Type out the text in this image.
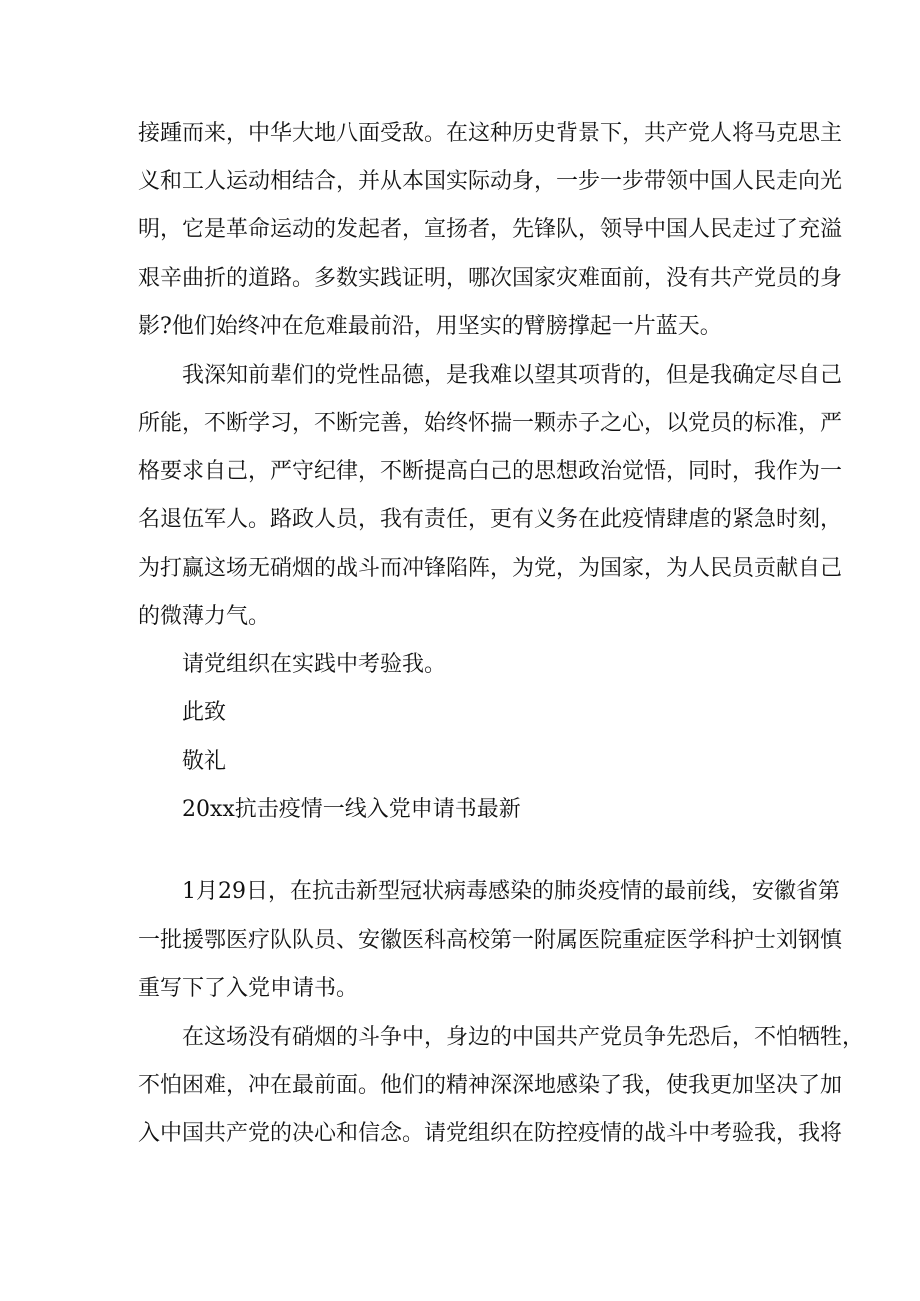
接踵而来，中华大地八面受敌。在这种历史背景下，共产党人将马克思主
义和工人运动相结合，并从本国实际动身，一步一步带领中国人民走向光
明，它是革命运动的发起者，宣扬者，先锋队，领导中国人民走过了充溢
艰辛曲折的道路。多数实践证明，哪次国家灾难面前，没有共产党员的身
影?他们始终冲在危难最前沿，用坚实的臂膀撑起一片蓝天。
我深知前辈们的党性品德，是我难以望其项背的，但是我确定尽自己
所能，不断学习，不断完善，始终怀揣一颗赤子之心，以党员的标准，严
格要求自己，严守纪律，不断提高白己的思想政治觉悟，同时，我作为一
名退伍军人。路政人员，我有责任，更有义务在此疫情肆虐的紧急时刻，
为打赢这场无硝烟的战斗而冲锋陷阵，为党，为国家，为人民员贡献自己
的微薄力气。
请党组织在实践中考验我。
此致
敬礼
20xx抗击疫情一线入党申请书最新
1月29日，在抗击新型冠状病毒感染的肺炎疫情的最前线，安徽省第
一批援鄂医疗队队员、安徽医科高校第一附属医院重症医学科护士刘钢慎
重写下了入党申请书。
在这场没有硝烟的斗争中，身边的中国共产党员争先恐后，不怕牺牲，
不怕困难，冲在最前面。他们的精神深深地感染了我，使我更加坚决了加
入中国共产党的决心和信念。请党组织在防控疫情的战斗中考验我，我将
